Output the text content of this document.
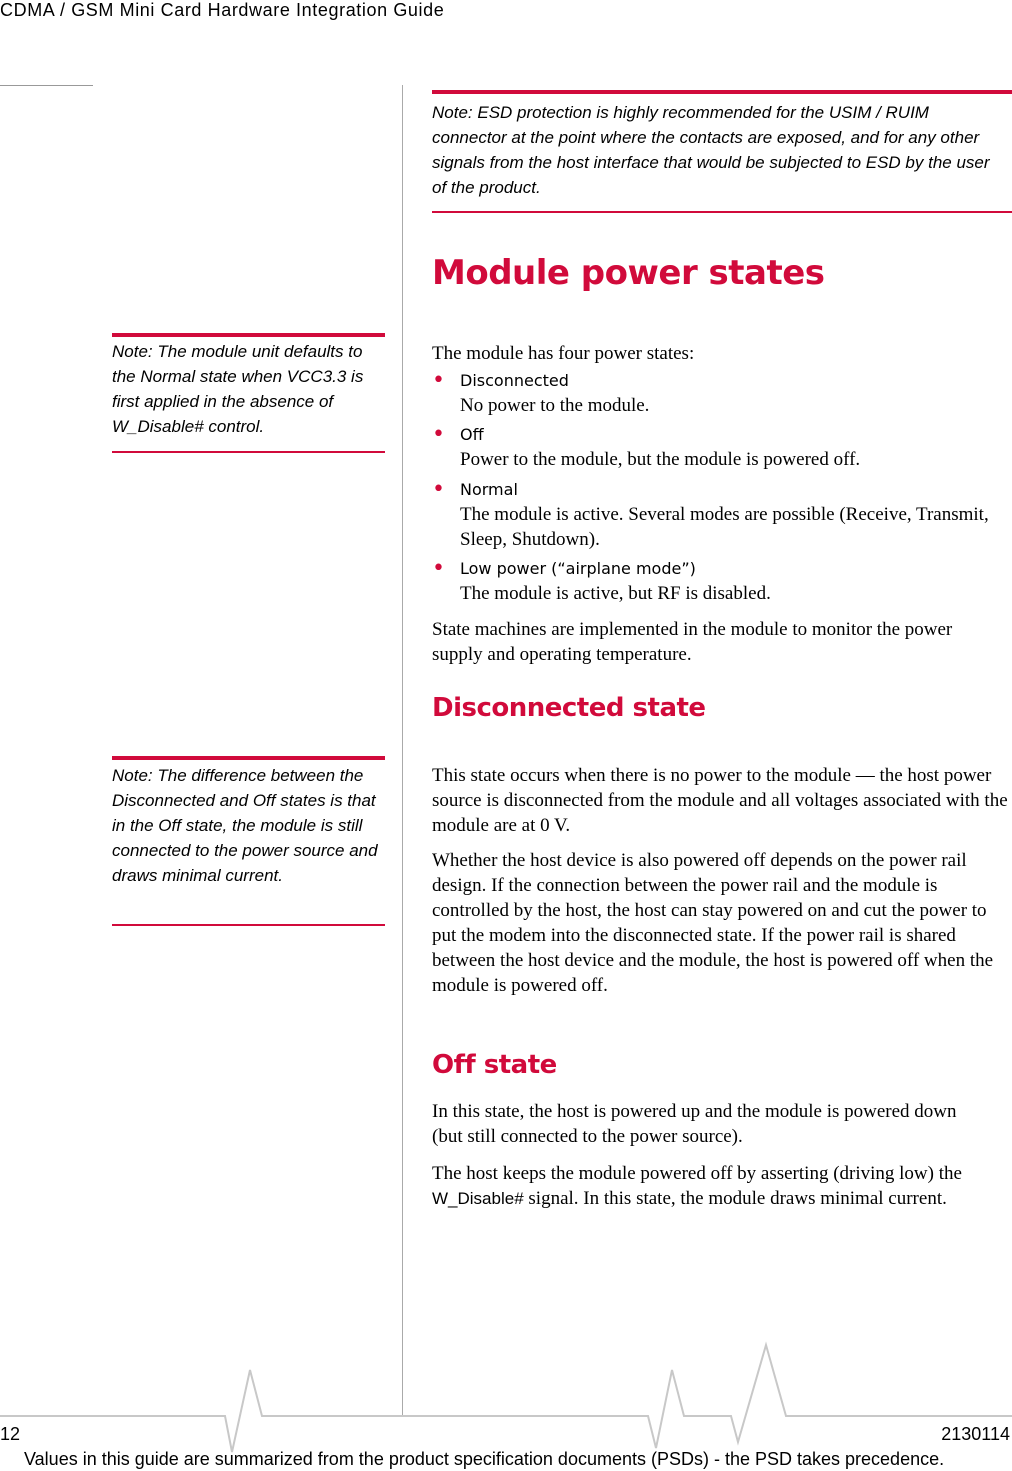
CDMA / GSM Mini Card Hardware Integration Guide
Note: ESD protection is highly recommended for the USIM / RUIM connector at the point where the contacts are exposed, and for any other signals from the host interface that would be subjected to ESD by the user of the product.
Module power states
Note: The module unit defaults to the Normal state when VCC3.3 is first applied in the absence of W_Disable# control.
The module has four power states:
• Disconnected
No power to the module.
• Off
Power to the module, but the module is powered off.
• Normal
The module is active. Several modes are possible (Receive, Transmit, Sleep, Shutdown).
• Low power (“airplane mode”)
The module is active, but RF is disabled.
State machines are implemented in the module to monitor the power supply and operating temperature.
Disconnected state
Note: The difference between the Disconnected and Off states is that in the Off state, the module is still connected to the power source and draws minimal current.
This state occurs when there is no power to the module — the host power source is disconnected from the module and all voltages associated with the module are at 0 V.
Whether the host device is also powered off depends on the power rail design. If the connection between the power rail and the module is controlled by the host, the host can stay powered on and cut the power to put the modem into the disconnected state. If the power rail is shared between the host device and the module, the host is powered off when the module is powered off.
Off state
In this state, the host is powered up and the module is powered down (but still connected to the power source).
The host keeps the module powered off by asserting (driving low) the W_Disable# signal. In this state, the module draws minimal current.
12	2130114
Values in this guide are summarized from the product specification documents (PSDs) - the PSD takes precedence.
